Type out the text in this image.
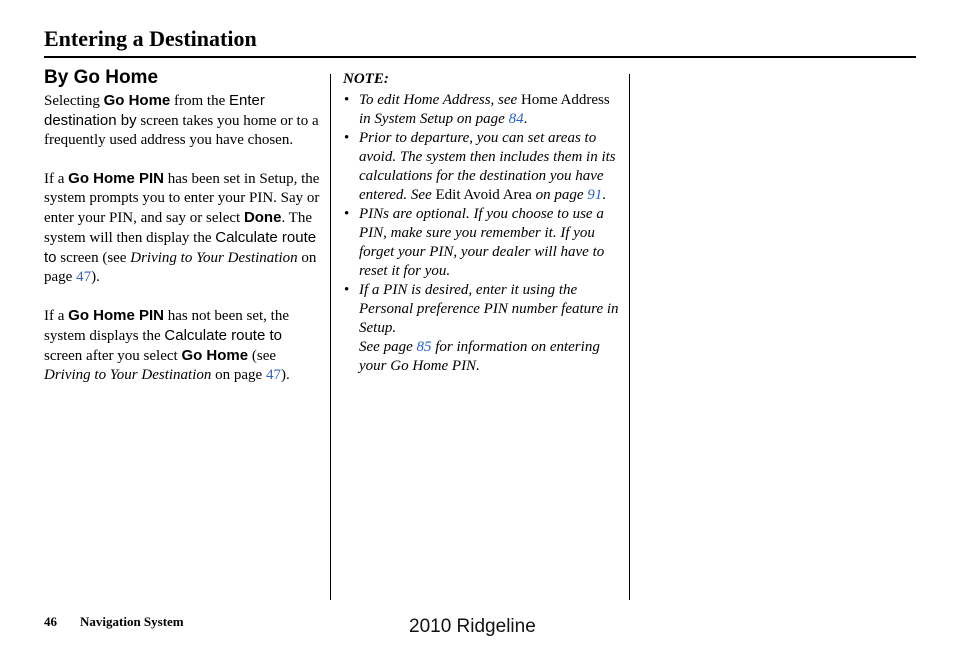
Entering a Destination
By Go Home

Selecting Go Home from the Enter destination by screen takes you home or to a frequently used address you have chosen.

If a Go Home PIN has been set in Setup, the system prompts you to enter your PIN. Say or enter your PIN, and say or select Done. The system will then display the Calculate route to screen (see Driving to Your Destination on page 47).

If a Go Home PIN has not been set, the system displays the Calculate route to screen after you select Go Home (see Driving to Your Destination on page 47).

NOTE:
• To edit Home Address, see Home Address in System Setup on page 84.
• Prior to departure, you can set areas to avoid. The system then includes them in its calculations for the destination you have entered. See Edit Avoid Area on page 91.
• PINs are optional. If you choose to use a PIN, make sure you remember it. If you forget your PIN, your dealer will have to reset it for you.
• If a PIN is desired, enter it using the Personal preference PIN number feature in Setup.
See page 85 for information on entering your Go Home PIN.
46 Navigation System	2010 Ridgeline
